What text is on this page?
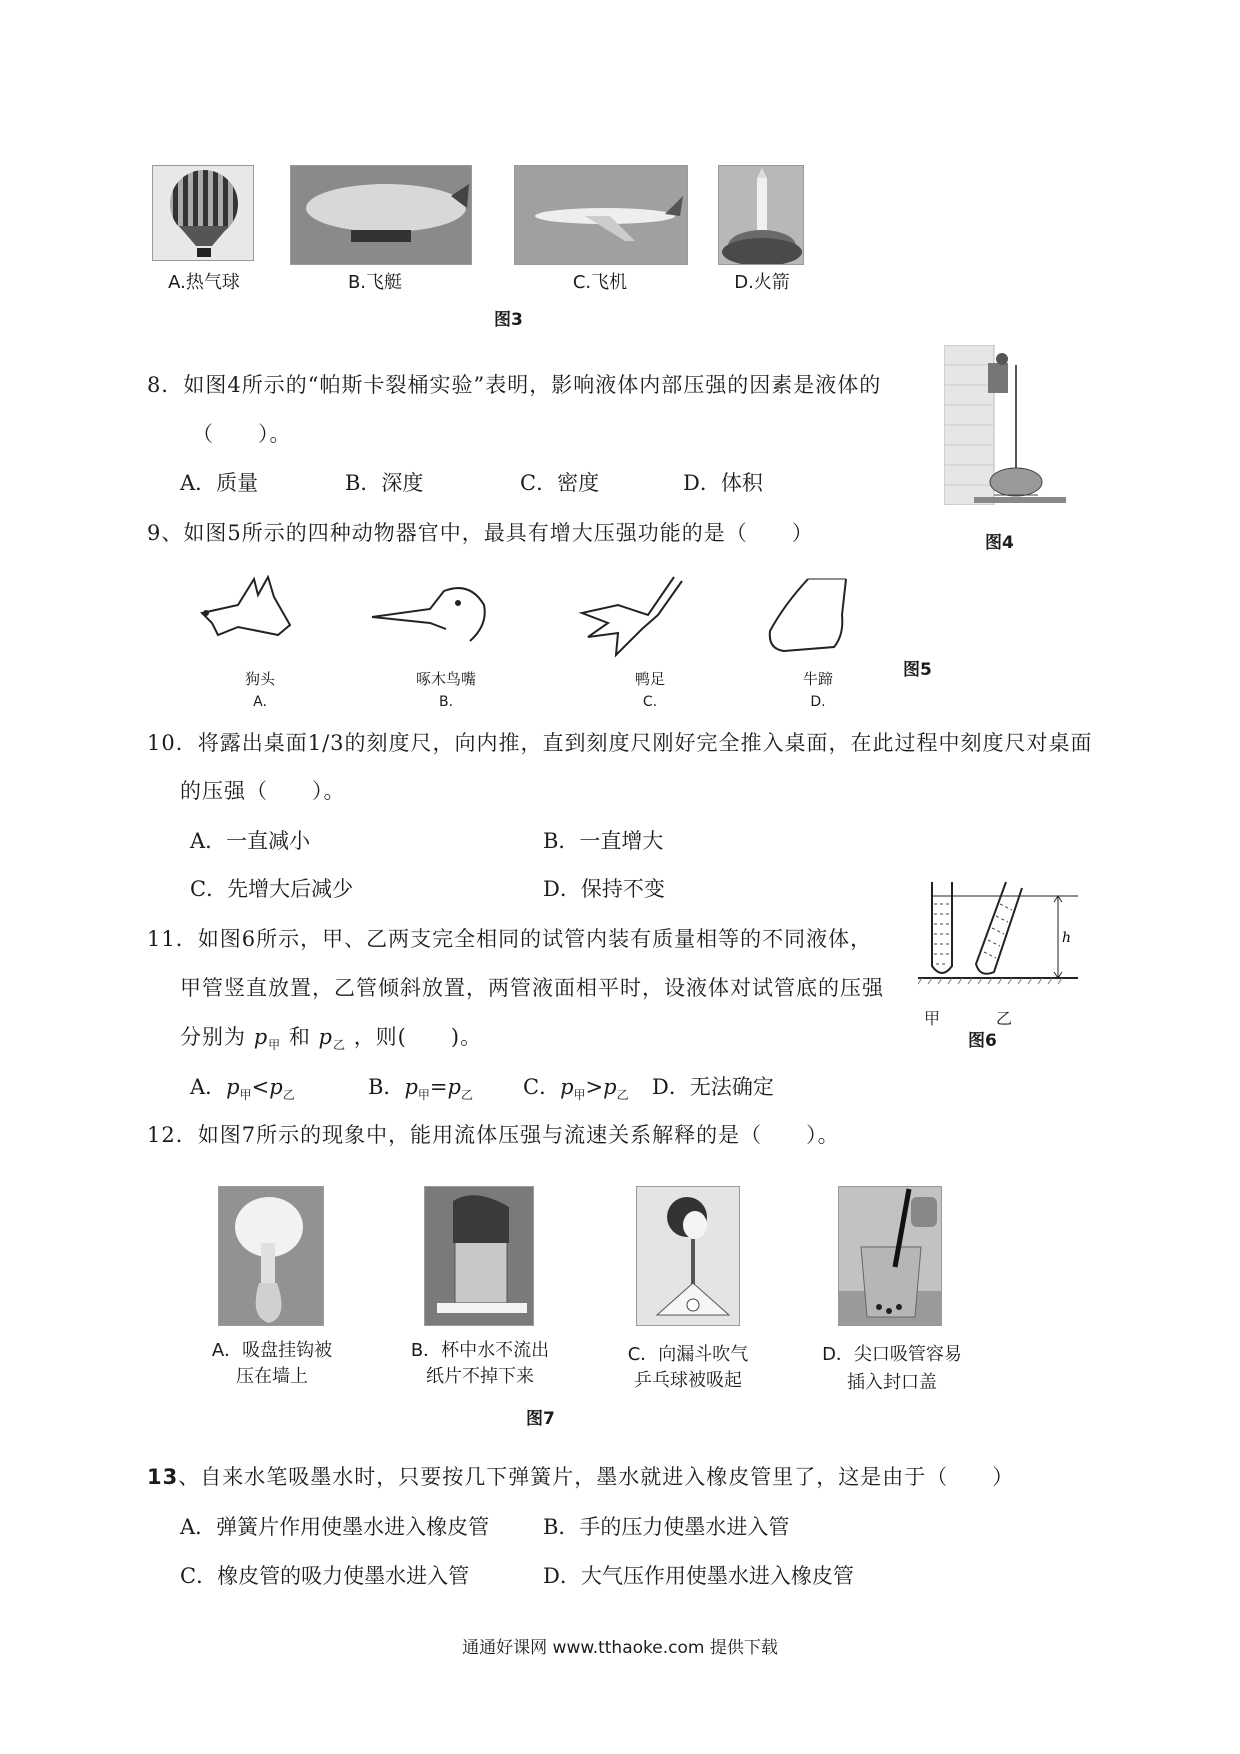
A.热气球	B.飞艇	C.飞机	D.火箭
图3
8．如图4所示的“帕斯卡裂桶实验”表明，影响液体内部压强的因素是液体的
（　　）。
A．质量	B．深度	C．密度	D．体积
图4
9、如图5所示的四种动物器官中，最具有增大压强功能的是（　　）
狗头
A.
啄木鸟嘴
B.
鸭足
C.
牛蹄
D.
图5
10．将露出桌面1/3的刻度尺，向内推，直到刻度尺刚好完全推入桌面，在此过程中刻度尺对桌面
的压强（　　）。
A．一直减小	B．一直增大
C．先增大后减少	D．保持不变
11．如图6所示，甲、乙两支完全相同的试管内装有质量相等的不同液体，
甲管竖直放置，乙管倾斜放置，两管液面相平时，设液体对试管底的压强
分别为 $p_甲$ 和 $p_乙$ ，则(　　)。
A．$p_甲<p_乙$	B．$p_甲=p_乙$ C．$p_甲>p_乙$ D．无法确定
h
甲	乙
图6
12．如图7所示的现象中，能用流体压强与流速关系解释的是（　　）。
A．吸盘挂钩被
压在墙上
B．杯中水不流出
纸片不掉下来
C．向漏斗吹气
乒乓球被吸起
D．尖口吸管容易
插入封口盖
图7
13、自来水笔吸墨水时，只要按几下弹簧片，墨水就进入橡皮管里了，这是由于（　　）
A．弹簧片作用使墨水进入橡皮管	B．手的压力使墨水进入管
C．橡皮管的吸力使墨水进入管	D．大气压作用使墨水进入橡皮管
通通好课网 www.tthaoke.com 提供下载
